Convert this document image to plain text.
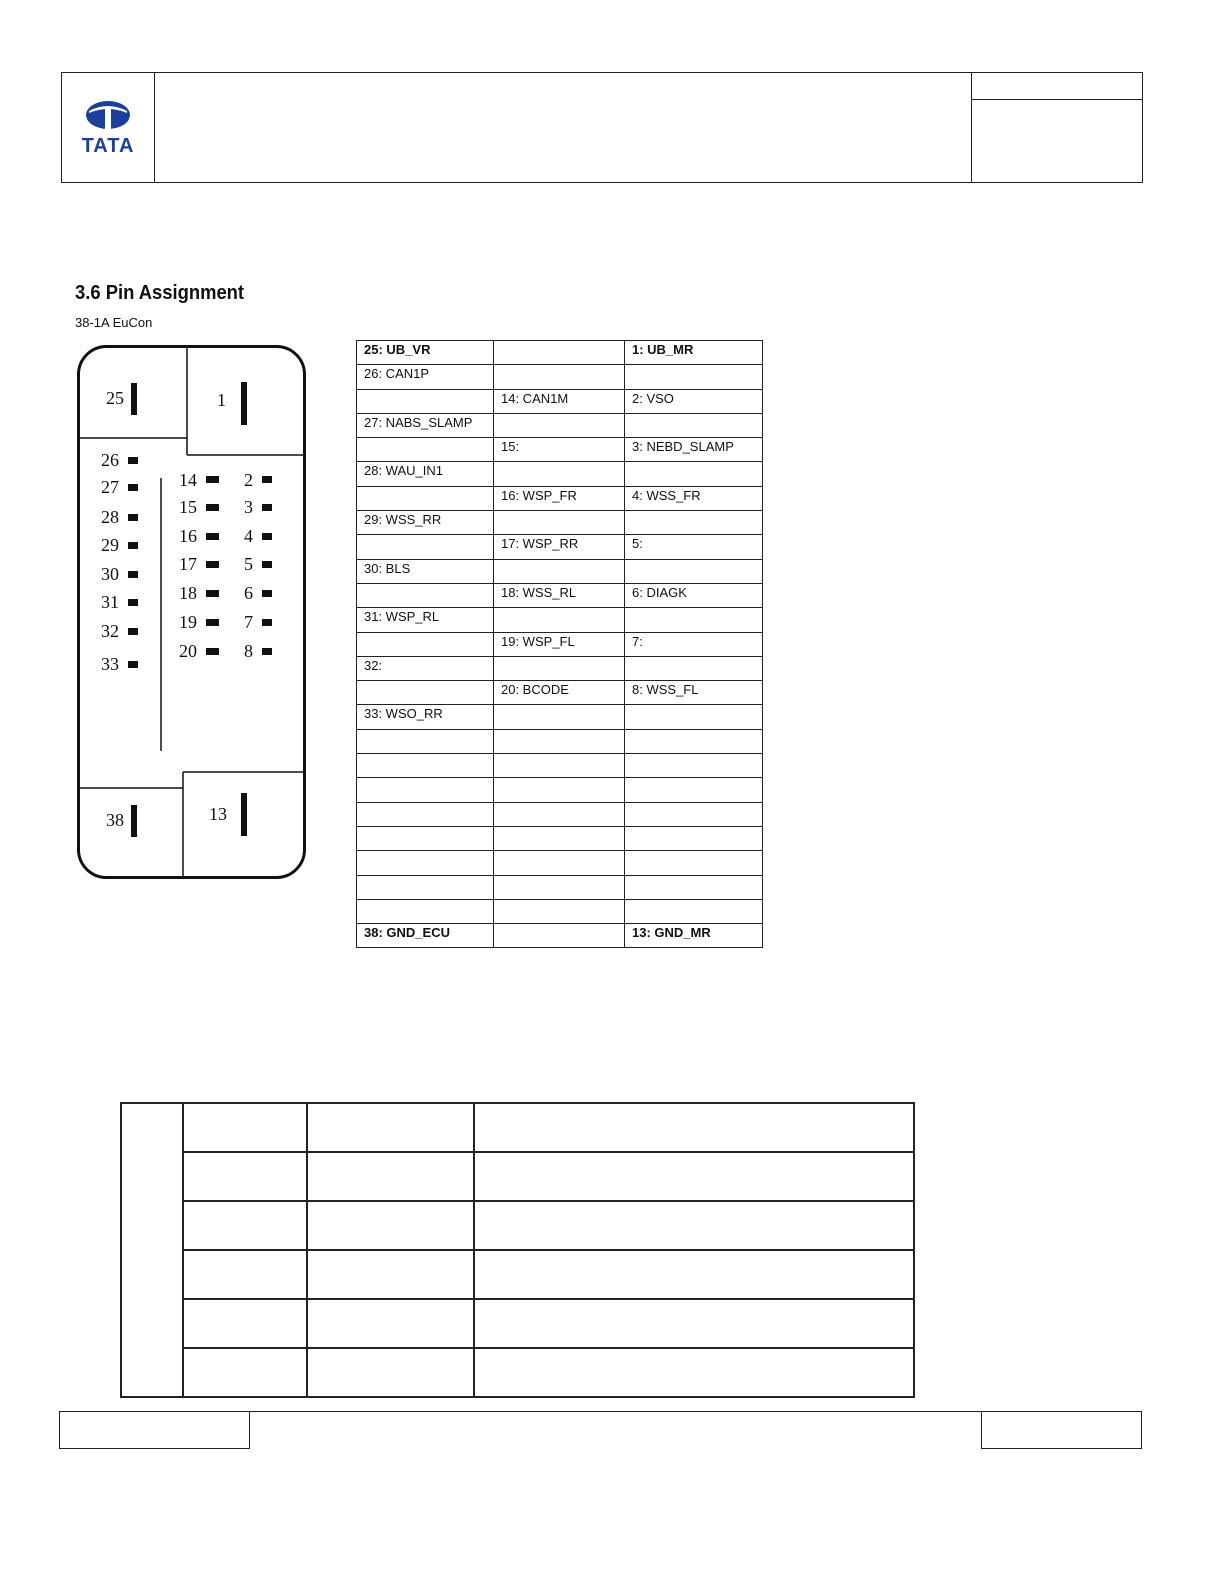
TATA
3.6 Pin Assignment
38-1A EuCon
25	1
38	13
26
27
28
29
30
31
32
33
14
15
16
17
18
19
20
2
3
4
5
6
7
8
25: UB_VR		1: UB_MR
26: CAN1P		
	14: CAN1M	2: VSO
27: NABS_SLAMP		
	15:	3: NEBD_SLAMP
28: WAU_IN1		
	16: WSP_FR	4: WSS_FR
29: WSS_RR		
	17: WSP_RR	5:
30: BLS		
	18: WSS_RL	6: DIAGK
31: WSP_RL		
	19: WSP_FL	7:
32:		
	20: BCODE	8: WSS_FL
33: WSO_RR		

38: GND_ECU		13: GND_MR
